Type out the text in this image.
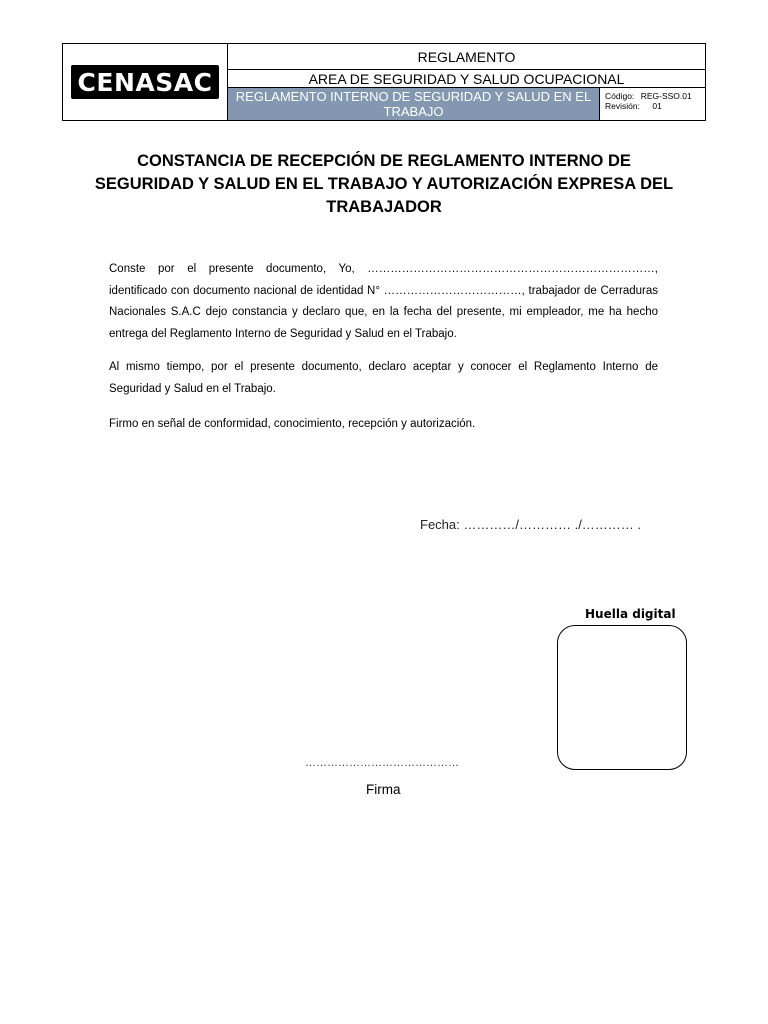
CENASAC
REGLAMENTO
AREA DE SEGURIDAD Y SALUD OCUPACIONAL
REGLAMENTO INTERNO DE SEGURIDAD Y SALUD EN EL TRABAJO
Código: REG-SSO.01
Revisión: 01
CONSTANCIA DE RECEPCIÓN DE REGLAMENTO INTERNO DE SEGURIDAD Y SALUD EN EL TRABAJO Y AUTORIZACIÓN EXPRESA DEL TRABAJADOR
Conste por el presente documento, Yo, …………………………………………………………………, identificado con documento nacional de identidad N° ………………………………, trabajador de Cerraduras Nacionales S.A.C dejo constancia y declaro que, en la fecha del presente, mi empleador, me ha hecho entrega del Reglamento Interno de Seguridad y Salud en el Trabajo.
Al mismo tiempo, por el presente documento, declaro aceptar y conocer el Reglamento Interno de Seguridad y Salud en el Trabajo.
Firmo en señal de conformidad, conocimiento, recepción y autorización.
Fecha: …………/………… ./………… .
Huella digital
……………………………………
Firma
